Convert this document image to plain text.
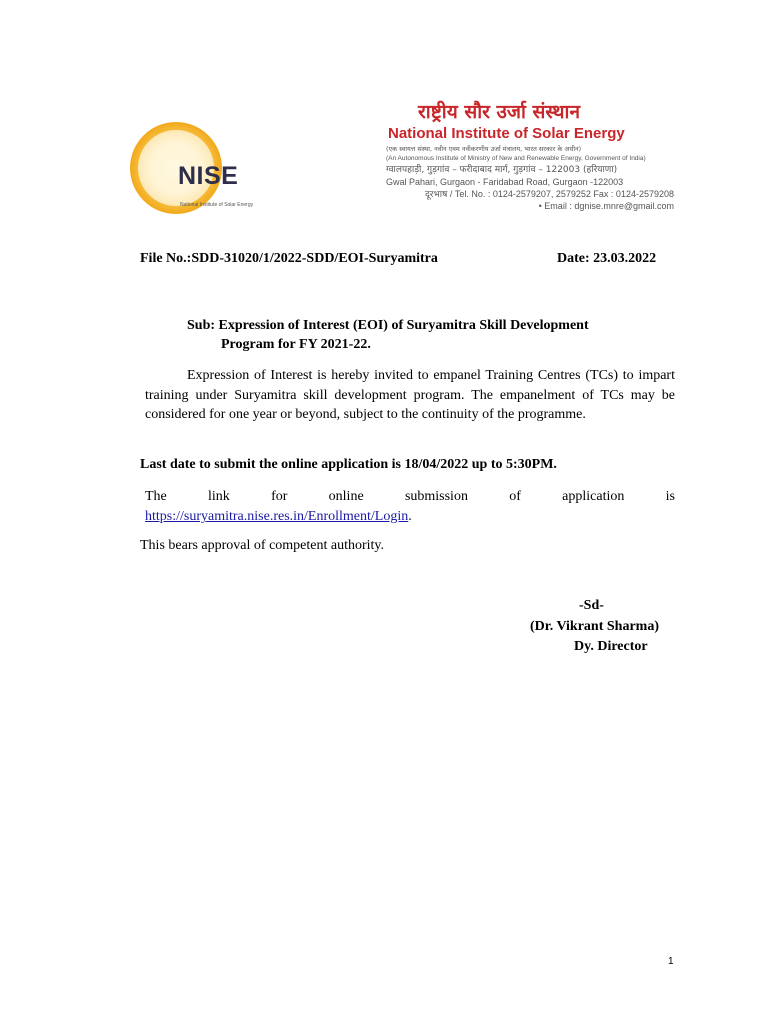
NISE
National Institute of Solar Energy
राष्ट्रीय सौर उर्जा संस्थान
National Institute of Solar Energy
(एक स्वायत्त संस्था, नवीन एवम नवीकरणीय उर्जा मंत्रालय, भारत सरकार के अधीन)
(An Autonomous Institute of Ministry of New and Renewable Energy, Government of India)
ग्वालपहाड़ी, गुड़गांव – फरीदाबाद मार्ग, गुड़गांव – 122003 (हरियाणा)
Gwal Pahari, Gurgaon - Faridabad Road, Gurgaon -122003
दूरभाष / Tel. No. : 0124-2579207, 2579252 Fax : 0124-2579208
• Email : dgnise.mnre@gmail.com
File No.:SDD-31020/1/2022-SDD/EOI-Suryamitra	Date: 23.03.2022
Sub: Expression of Interest (EOI) of Suryamitra Skill Development
Program for FY 2021-22.
Expression of Interest is hereby invited to empanel Training Centres (TCs) to impart training under Suryamitra skill development program. The empanelment of TCs may be considered for one year or beyond, subject to the continuity of the programme.
Last date to submit the online application is 18/04/2022 up to 5:30PM.
The	link	for	online	submission	of	application	is
https://suryamitra.nise.res.in/Enrollment/Login.
This bears approval of competent authority.
-Sd-
(Dr. Vikrant Sharma)
Dy. Director
1
